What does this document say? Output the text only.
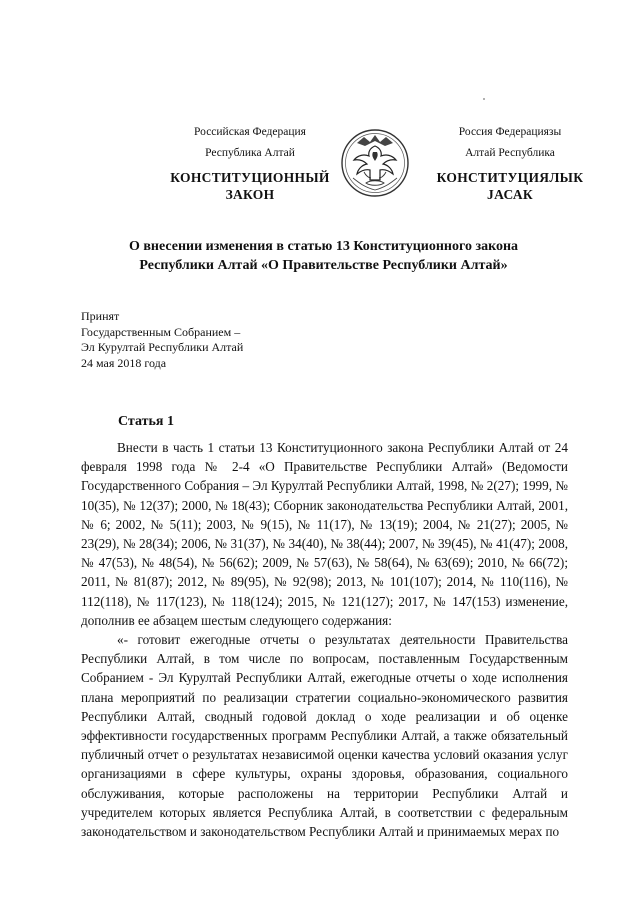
Российская Федерация

Республика Алтай

КОНСТИТУЦИОННЫЙ
ЗАКОН

Россия Федерациязы

Алтай Республика

КОНСТИТУЦИЯЛЫК
ЈАСАК
О внесении изменения в статью 13 Конституционного закона
Республики Алтай «О Правительстве Республики Алтай»
Принят
Государственным Собранием –
Эл Курултай Республики Алтай
24 мая 2018 года
Статья 1

Внести в часть 1 статьи 13 Конституционного закона Республики Алтай от 24 февраля 1998 года № 2-4 «О Правительстве Республики Алтай» (Ведомости Государственного Собрания – Эл Курултай Республики Алтай, 1998, № 2(27); 1999, № 10(35), № 12(37); 2000, № 18(43); Сборник законодательства Республики Алтай, 2001, № 6; 2002, № 5(11); 2003, № 9(15), № 11(17), № 13(19); 2004, № 21(27); 2005, № 23(29), № 28(34); 2006, № 31(37), № 34(40), № 38(44); 2007, № 39(45), № 41(47); 2008, № 47(53), № 48(54), № 56(62); 2009, № 57(63), № 58(64), № 63(69); 2010, № 66(72); 2011, № 81(87); 2012, № 89(95), № 92(98); 2013, № 101(107); 2014, № 110(116), № 112(118), № 117(123), № 118(124); 2015, № 121(127); 2017, № 147(153) изменение, дополнив ее абзацем шестым следующего содержания:

«- готовит ежегодные отчеты о результатах деятельности Правительства Республики Алтай, в том числе по вопросам, поставленным Государственным Собранием - Эл Курултай Республики Алтай, ежегодные отчеты о ходе исполнения плана мероприятий по реализации стратегии социально-экономического развития Республики Алтай, сводный годовой доклад о ходе реализации и об оценке эффективности государственных программ Республики Алтай, а также обязательный публичный отчет о результатах независимой оценки качества условий оказания услуг организациями в сфере культуры, охраны здоровья, образования, социального обслуживания, которые расположены на территории Республики Алтай и учредителем которых является Республика Алтай, в соответствии с федеральным законодательством и законодательством Республики Алтай и принимаемых мерах по
